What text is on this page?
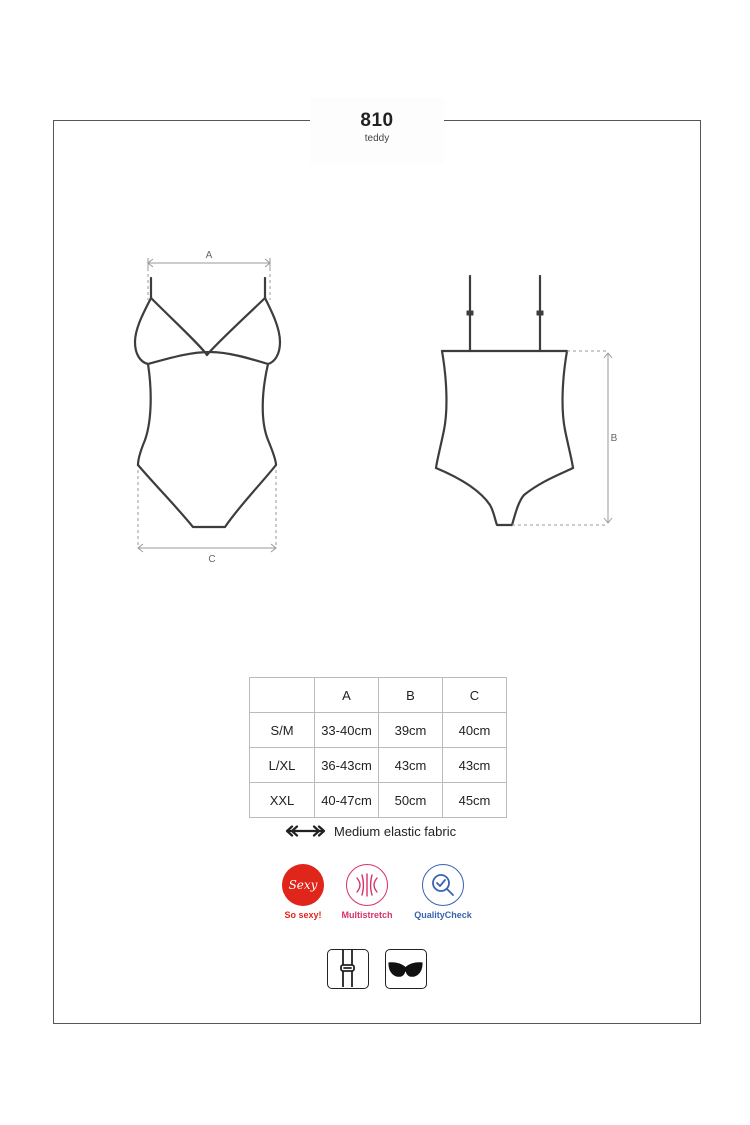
810
teddy
A
C
B
	A	B	C
S/M	33-40cm	39cm	40cm
L/XL	36-43cm	43cm	43cm
XXL	40-47cm	50cm	45cm
Medium elastic fabric
Sexy
So sexy!	Multistretch	QualityCheck
